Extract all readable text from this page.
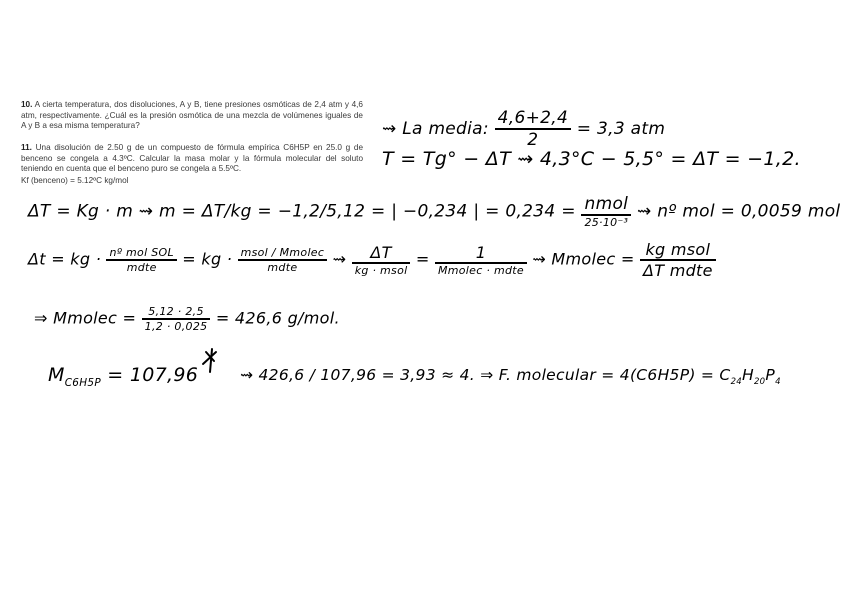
10. A cierta temperatura, dos disoluciones, A y B, tiene presiones osmóticas de 2,4 atm y 4,6 atm, respectivamente. ¿Cuál es la presión osmótica de una mezcla de volúmenes iguales de A y B a esa misma temperatura?
11. Una disolución de 2.50 g de un compuesto de fórmula empírica C6H5P en 25.0 g de benceno se congela a 4.3ºC. Calcular la masa molar y la fórmula molecular del soluto teniendo en cuenta que el benceno puro se congela a 5.5ºC.
Kf (benceno) = 5.12ºC kg/mol
⇝ La media: $\frac{4,6+2,4}{2} = 3,3$ atm
T = Tg° − ΔT ⇝ 4,3°C − 5,5° = ΔT = −1,2.
ΔT = Kg · m ⇝ m = ΔT/kg = −1,2/5,12 = | −0,234 | = $0,234 = \frac{\text{nmol}}{\text{25·10⁻³}}$ ⇝ nº mol = 0,0059 mol
Δt = kg · $\frac{\text{nº mol SOL}}{\text{mdte}}$ = kg · $\frac{\text{msol / Mmolec}}{\text{mdte}}$ ⇝ $\frac{\Delta T}{\text{kg · msol}} = \frac{1}{\text{Mmolec · mdte}}$ ⇝ Mmolec = $\frac{\text{kg msol}}{\text{ΔT mdte}}$
⇒ Mmolec = $\frac{5,12 \cdot 2,5}{1,2 \cdot 0,025} = 426,6$ g/mol.
$M_{C6H5P} = 107,96$	⇝ 426,6 / 107,96 = 3,93 ≈ 4. ⇒ F. molecular = $4(C6H5P) = C_{24}H_{20}P_4$
